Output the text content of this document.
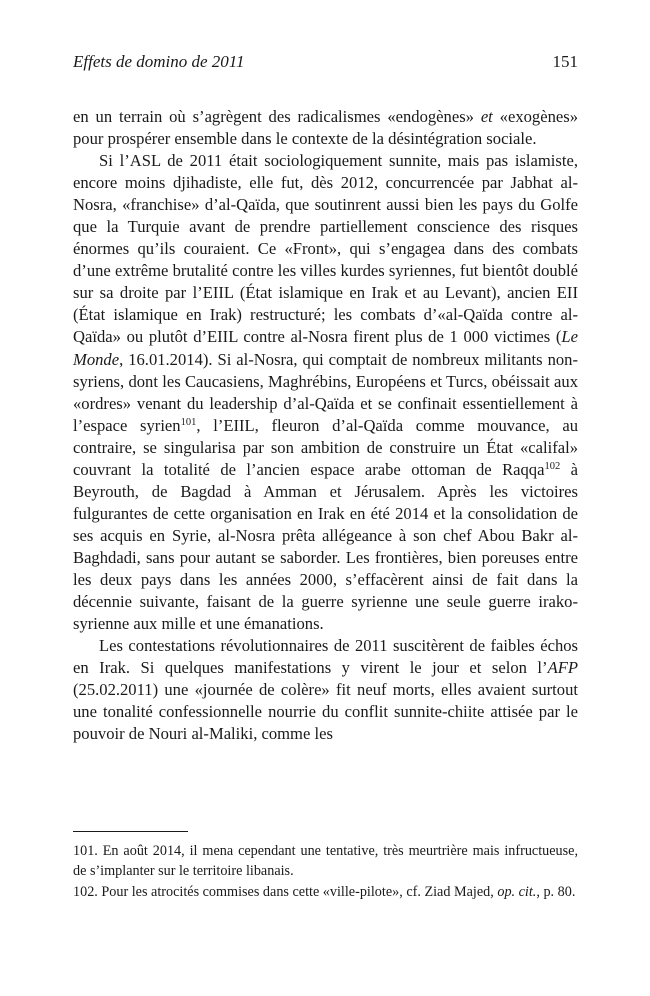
Effets de domino de 2011	151

en un terrain où s’agrègent des radicalismes «endogènes» et «exogènes» pour prospérer ensemble dans le contexte de la désintégration sociale.

Si l’ASL de 2011 était sociologiquement sunnite, mais pas islamiste, encore moins djihadiste, elle fut, dès 2012, concurrencée par Jabhat al-Nosra, «franchise» d’al-Qaïda, que soutinrent aussi bien les pays du Golfe que la Turquie avant de prendre partiellement conscience des risques énormes qu’ils couraient. Ce «Front», qui s’engagea dans des combats d’une extrême brutalité contre les villes kurdes syriennes, fut bientôt doublé sur sa droite par l’EIIL (État islamique en Irak et au Levant), ancien EII (État islamique en Irak) restructuré; les combats d’«al-Qaïda contre al-Qaïda» ou plutôt d’EIIL contre al-Nosra firent plus de 1 000 victimes (Le Monde, 16.01.2014). Si al-Nosra, qui comptait de nombreux militants non-syriens, dont les Caucasiens, Maghrébins, Européens et Turcs, obéissait aux «ordres» venant du leadership d’al-Qaïda et se confinait essentiellement à l’espace syrien$^{101}$, l’EIIL, fleuron d’al-Qaïda comme mouvance, au contraire, se singularisa par son ambition de construire un État «califal» couvrant la totalité de l’ancien espace arabe ottoman de Raqqa$^{102}$ à Beyrouth, de Bagdad à Amman et Jérusalem. Après les victoires fulgurantes de cette organisation en Irak en été 2014 et la consolidation de ses acquis en Syrie, al-Nosra prêta allégeance à son chef Abou Bakr al-Baghdadi, sans pour autant se saborder. Les frontières, bien poreuses entre les deux pays dans les années 2000, s’effacèrent ainsi de fait dans la décennie suivante, faisant de la guerre syrienne une seule guerre irako-syrienne aux mille et une émanations.

Les contestations révolutionnaires de 2011 suscitèrent de faibles échos en Irak. Si quelques manifestations y virent le jour et selon l’AFP (25.02.2011) une «journée de colère» fit neuf morts, elles avaient surtout une tonalité confessionnelle nourrie du conflit sunnite-chiite attisée par le pouvoir de Nouri al-Maliki, comme les

101. En août 2014, il mena cependant une tentative, très meurtrière mais infructueuse, de s’implanter sur le territoire libanais.

102. Pour les atrocités commises dans cette «ville-pilote», cf. Ziad Majed, op. cit., p. 80.
